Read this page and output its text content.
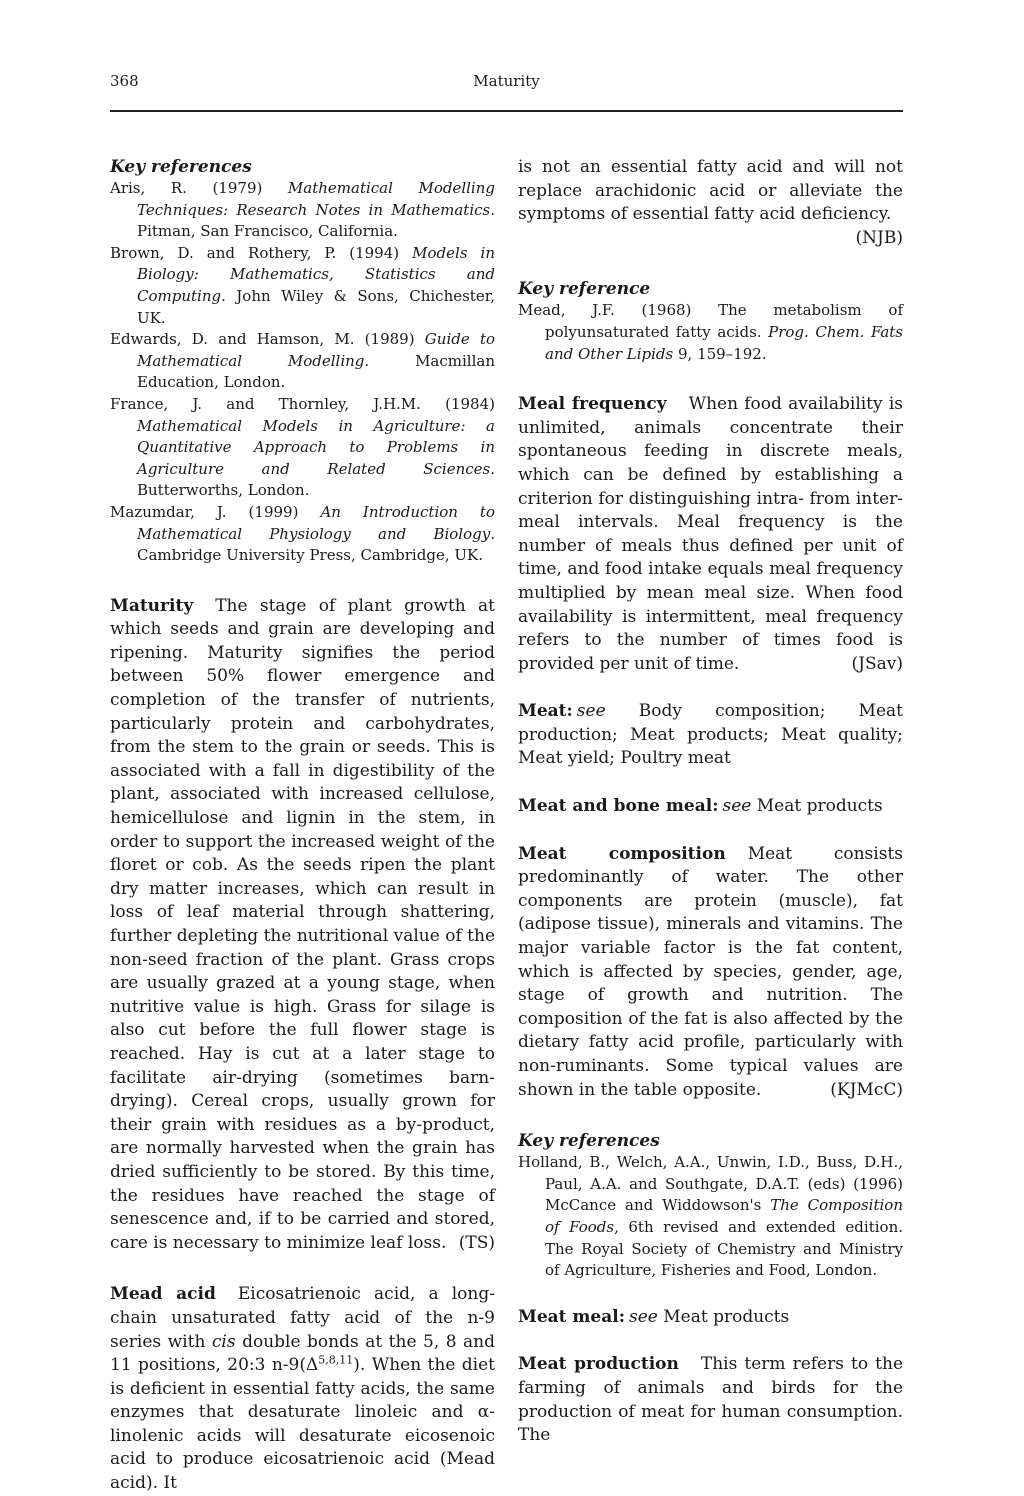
368	Maturity
Key references
Aris, R. (1979) Mathematical Modelling Techniques: Research Notes in Mathematics. Pitman, San Francisco, California.
Brown, D. and Rothery, P. (1994) Models in Biology: Mathematics, Statistics and Computing. John Wiley & Sons, Chichester, UK.
Edwards, D. and Hamson, M. (1989) Guide to Mathematical Modelling. Macmillan Education, London.
France, J. and Thornley, J.H.M. (1984) Mathematical Models in Agriculture: a Quantitative Approach to Problems in Agriculture and Related Sciences. Butterworths, London.
Mazumdar, J. (1999) An Introduction to Mathematical Physiology and Biology. Cambridge University Press, Cambridge, UK.

Maturity The stage of plant growth at which seeds and grain are developing and ripening. Maturity signifies the period between 50% flower emergence and completion of the transfer of nutrients, particularly protein and carbohydrates, from the stem to the grain or seeds. This is associated with a fall in digestibility of the plant, associated with increased cellulose, hemicellulose and lignin in the stem, in order to support the increased weight of the floret or cob. As the seeds ripen the plant dry matter increases, which can result in loss of leaf material through shattering, further depleting the nutritional value of the non-seed fraction of the plant. Grass crops are usually grazed at a young stage, when nutritive value is high. Grass for silage is also cut before the full flower stage is reached. Hay is cut at a later stage to facilitate air-drying (sometimes barn-drying). Cereal crops, usually grown for their grain with residues as a by-product, are normally harvested when the grain has dried sufficiently to be stored. By this time, the residues have reached the stage of senescence and, if to be carried and stored, care is necessary to minimize leaf loss. (TS)

Mead acid Eicosatrienoic acid, a long-chain unsaturated fatty acid of the n-9 series with cis double bonds at the 5, 8 and 11 positions, 20:3 $n-9(\Delta^{5,8,11})$. When the diet is deficient in essential fatty acids, the same enzymes that desaturate linoleic and α-linolenic acids will desaturate eicosenoic acid to produce eicosatrienoic acid (Mead acid). It

is not an essential fatty acid and will not replace arachidonic acid or alleviate the symptoms of essential fatty acid deficiency.
(NJB)

Key reference
Mead, J.F. (1968) The metabolism of polyunsaturated fatty acids. Prog. Chem. Fats and Other Lipids 9, 159–192.

Meal frequency When food availability is unlimited, animals concentrate their spontaneous feeding in discrete meals, which can be defined by establishing a criterion for distinguishing intra- from inter-meal intervals. Meal frequency is the number of meals thus defined per unit of time, and food intake equals meal frequency multiplied by mean meal size. When food availability is intermittent, meal frequency refers to the number of times food is provided per unit of time.	(JSav)

Meat: see Body composition; Meat production; Meat products; Meat quality; Meat yield; Poultry meat

Meat and bone meal: see Meat products

Meat composition Meat consists predominantly of water. The other components are protein (muscle), fat (adipose tissue), minerals and vitamins. The major variable factor is the fat content, which is affected by species, gender, age, stage of growth and nutrition. The composition of the fat is also affected by the dietary fatty acid profile, particularly with non-ruminants. Some typical values are shown in the table opposite.	(KJMcC)

Key references
Holland, B., Welch, A.A., Unwin, I.D., Buss, D.H., Paul, A.A. and Southgate, D.A.T. (eds) (1996) McCance and Widdowson's The Composition of Foods, 6th revised and extended edition. The Royal Society of Chemistry and Ministry of Agriculture, Fisheries and Food, London.

Meat meal: see Meat products

Meat production This term refers to the farming of animals and birds for the production of meat for human consumption. The
